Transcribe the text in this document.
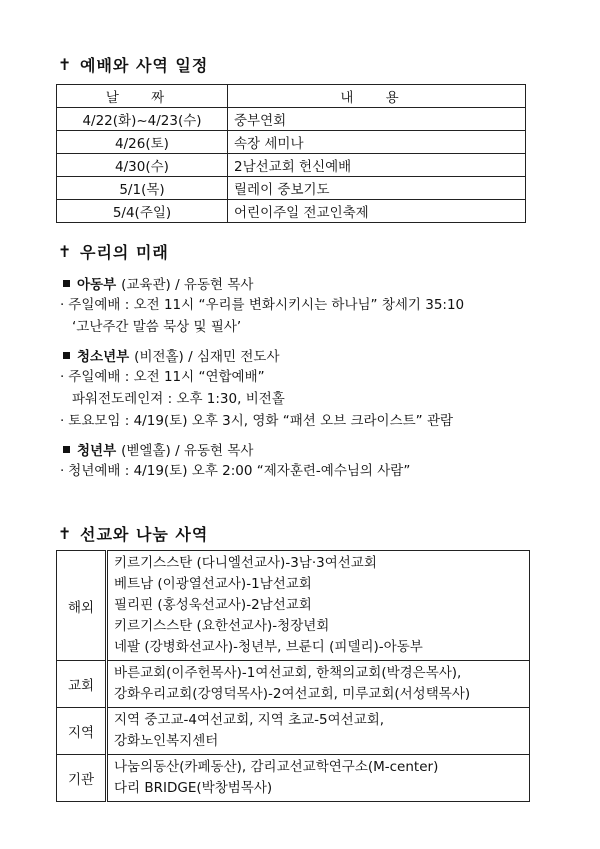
✝ 예배와 사역 일정
날 짜	내 용
4/22(화)~4/23(수)	중부연회
4/26(토)	속장 세미나
4/30(수)	2남선교회 헌신예배
5/1(목)	릴레이 중보기도
5/4(주일)	어린이주일 전교인축제
✝ 우리의 미래
아동부 (교육관) / 유동현 목사
· 주일예배 : 오전 11시 “우리를 변화시키시는 하나님” 창세기 35:10
‘고난주간 말씀 묵상 및 필사’
청소년부 (비전홀) / 심재민 전도사
· 주일예배 : 오전 11시 “연합예배”
파워전도레인져 : 오후 1:30, 비전홀
· 토요모임 : 4/19(토) 오후 3시, 영화 “패션 오브 크라이스트” 관람
청년부 (벧엘홀) / 유동현 목사
· 청년예배 : 4/19(토) 오후 2:00 “제자훈련-예수님의 사람”
✝ 선교와 나눔 사역
해외	키르기스스탄 (다니엘선교사)-3남·3여선교회
베트남 (이광열선교사)-1남선교회
필리핀 (홍성욱선교사)-2남선교회
키르기스스탄 (요한선교사)-청장년회
네팔 (강병화선교사)-청년부, 브룬디 (피델리)-아동부

교회	바른교회(이주헌목사)-1여선교회, 한책의교회(박경은목사),
강화우리교회(강영덕목사)-2여선교회, 미루교회(서성택목사)

지역	지역 중고교-4여선교회, 지역 초교-5여선교회,
강화노인복지센터

기관	나눔의동산(카페동산), 감리교선교학연구소(M-center)
다리 BRIDGE(박창범목사)
